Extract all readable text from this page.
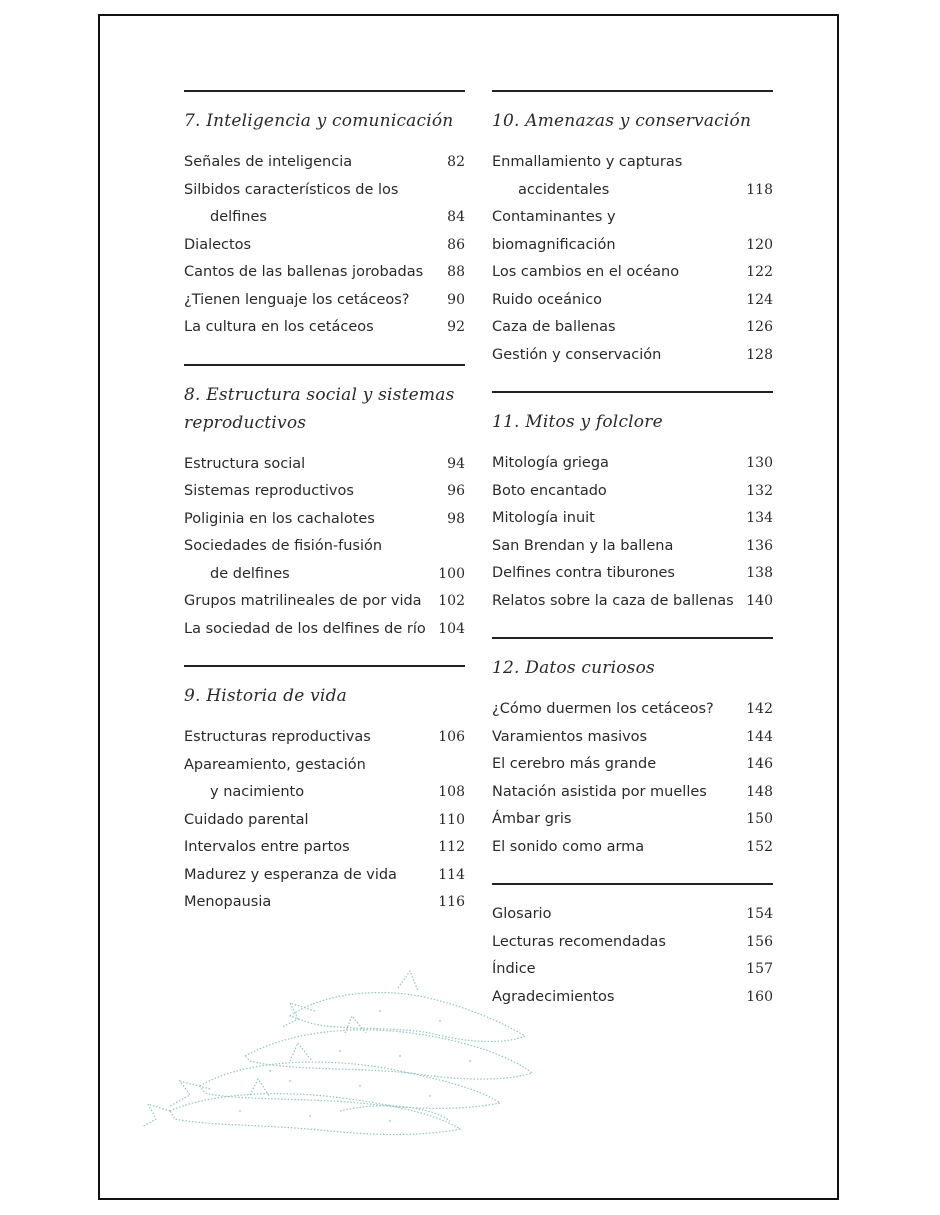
7. Inteligencia y comunicación
Señales de inteligencia	82
Silbidos característicos de los
delfines	84
Dialectos	86
Cantos de las ballenas jorobadas	88
¿Tienen lenguaje los cetáceos?	90
La cultura en los cetáceos	92
8. Estructura social y sistemas reproductivos
Estructura social	94
Sistemas reproductivos	96
Poliginia en los cachalotes	98
Sociedades de fisión-fusión
de delfines	100
Grupos matrilineales de por vida	102
La sociedad de los delfines de río 104
9. Historia de vida
Estructuras reproductivas	106
Apareamiento, gestación
y nacimiento	108
Cuidado parental	110
Intervalos entre partos	112
Madurez y esperanza de vida	114
Menopausia	116
10. Amenazas y conservación
Enmallamiento y capturas
accidentales	118
Contaminantes y biomagnificación	120
Los cambios en el océano	122
Ruido oceánico	124
Caza de ballenas	126
Gestión y conservación	128
11. Mitos y folclore
Mitología griega	130
Boto encantado	132
Mitología inuit	134
San Brendan y la ballena	136
Delfines contra tiburones	138
Relatos sobre la caza de ballenas 140
12. Datos curiosos
¿Cómo duermen los cetáceos?	142
Varamientos masivos	144
El cerebro más grande	146
Natación asistida por muelles	148
Ámbar gris	150
El sonido como arma	152
Glosario	154
Lecturas recomendadas	156
Índice	157
Agradecimientos	160
